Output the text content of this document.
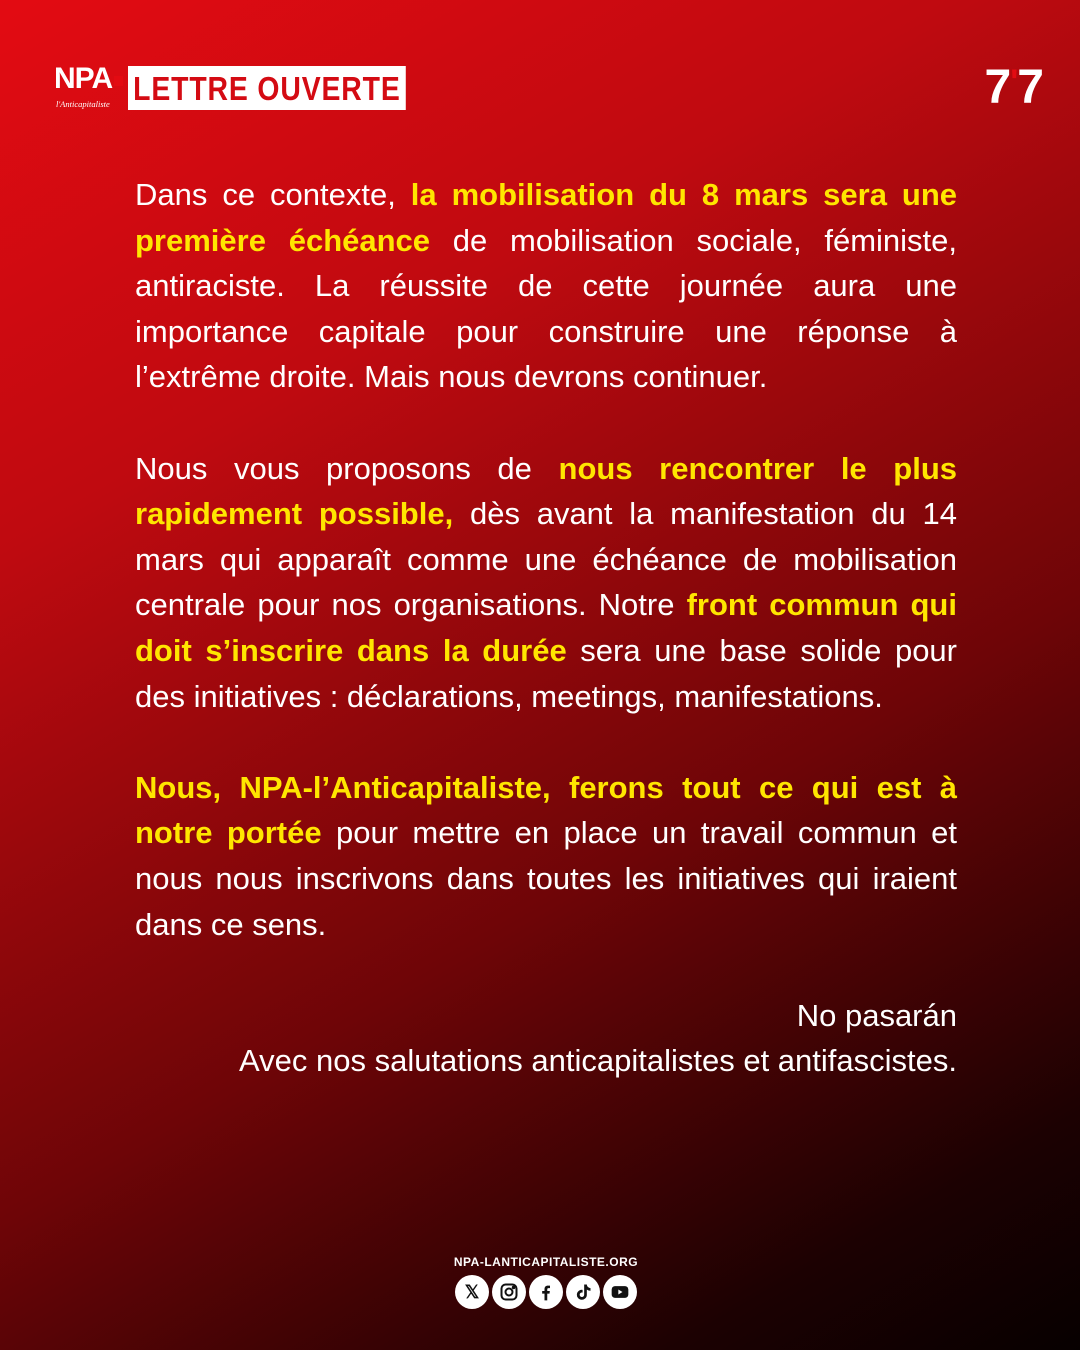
NPA
l'Anticapitaliste LETTRE OUVERTE	7'7

Dans ce contexte, la mobilisation du 8 mars sera une première échéance de mobilisation sociale, féministe, antiraciste. La réussite de cette journée aura une importance capitale pour construire une réponse à l’extrême droite. Mais nous devrons continuer.

Nous vous proposons de nous rencontrer le plus rapidement possible, dès avant la manifestation du 14 mars qui apparaît comme une échéance de mobilisation centrale pour nos organisations. Notre front commun qui doit s’inscrire dans la durée sera une base solide pour des initiatives : déclarations, meetings, manifestations.

Nous, NPA-l’Anticapitaliste, ferons tout ce qui est à notre portée pour mettre en place un travail commun et nous nous inscrivons dans toutes les initiatives qui iraient dans ce sens.

No pasarán
Avec nos salutations anticapitalistes et antifascistes.
NPA-LANTICAPITALISTE.ORG
𝕏
